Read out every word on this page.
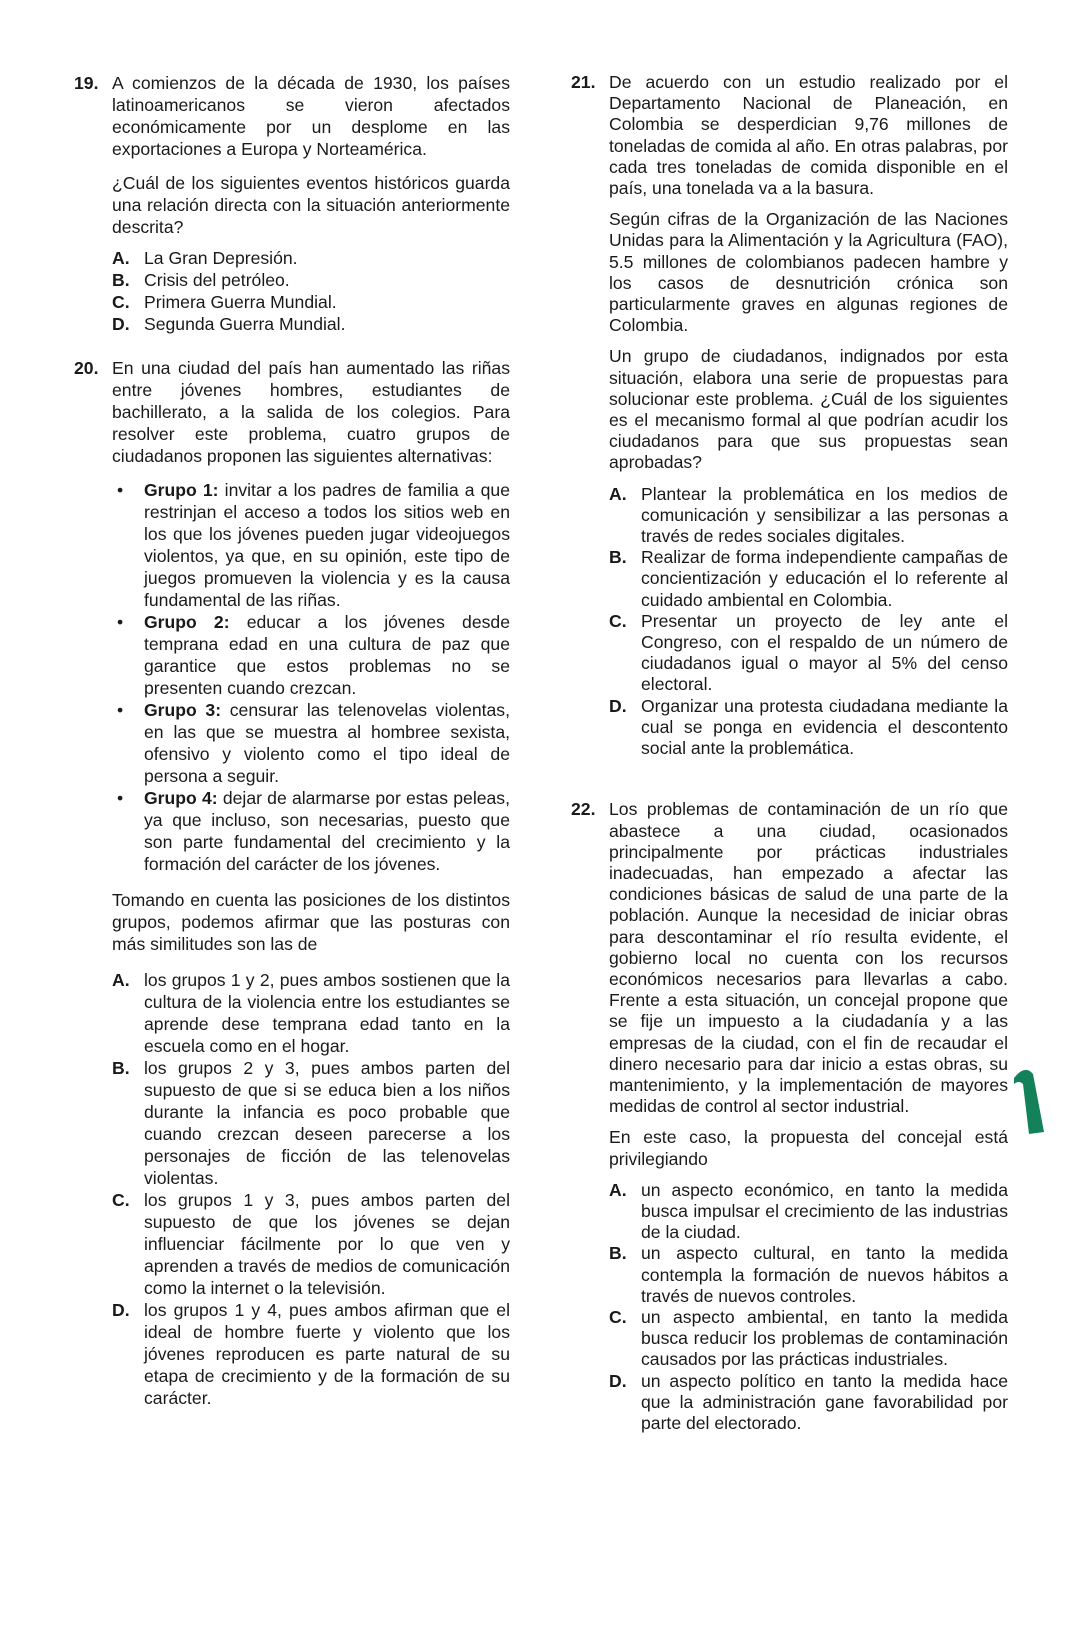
19. A comienzos de la década de 1930, los países latinoamericanos se vieron afectados económicamente por un desplome en las exportaciones a Europa y Norteamérica.

¿Cuál de los siguientes eventos históricos guarda una relación directa con la situación anteriormente descrita?

A. La Gran Depresión.
B. Crisis del petróleo.
C. Primera Guerra Mundial.
D. Segunda Guerra Mundial.
20. En una ciudad del país han aumentado las riñas entre jóvenes hombres, estudiantes de bachillerato, a la salida de los colegios. Para resolver este problema, cuatro grupos de ciudadanos proponen las siguientes alternativas:

• Grupo 1: invitar a los padres de familia a que restrinjan el acceso a todos los sitios web en los que los jóvenes pueden jugar videojuegos violentos, ya que, en su opinión, este tipo de juegos promueven la violencia y es la causa fundamental de las riñas.
• Grupo 2: educar a los jóvenes desde temprana edad en una cultura de paz que garantice que estos problemas no se presenten cuando crezcan.
• Grupo 3: censurar las telenovelas violentas, en las que se muestra al hombree sexista, ofensivo y violento como el tipo ideal de persona a seguir.
• Grupo 4: dejar de alarmarse por estas peleas, ya que incluso, son necesarias, puesto que son parte fundamental del crecimiento y la formación del carácter de los jóvenes.

Tomando en cuenta las posiciones de los distintos grupos, podemos afirmar que las posturas con más similitudes son las de

A. los grupos 1 y 2, pues ambos sostienen que la cultura de la violencia entre los estudiantes se aprende dese temprana edad tanto en la escuela como en el hogar.
B. los grupos 2 y 3, pues ambos parten del supuesto de que si se educa bien a los niños durante la infancia es poco probable que cuando crezcan deseen parecerse a los personajes de ficción de las telenovelas violentas.
C. los grupos 1 y 3, pues ambos parten del supuesto de que los jóvenes se dejan influenciar fácilmente por lo que ven y aprenden a través de medios de comunicación como la internet o la televisión.
D. los grupos 1 y 4, pues ambos afirman que el ideal de hombre fuerte y violento que los jóvenes reproducen es parte natural de su etapa de crecimiento y de la formación de su carácter.
21. De acuerdo con un estudio realizado por el Departamento Nacional de Planeación, en Colombia se desperdician 9,76 millones de toneladas de comida al año. En otras palabras, por cada tres toneladas de comida disponible en el país, una tonelada va a la basura.

Según cifras de la Organización de las Naciones Unidas para la Alimentación y la Agricultura (FAO), 5.5 millones de colombianos padecen hambre y los casos de desnutrición crónica son particularmente graves en algunas regiones de Colombia.

Un grupo de ciudadanos, indignados por esta situación, elabora una serie de propuestas para solucionar este problema. ¿Cuál de los siguientes es el mecanismo formal al que podrían acudir los ciudadanos para que sus propuestas sean aprobadas?

A. Plantear la problemática en los medios de comunicación y sensibilizar a las personas a través de redes sociales digitales.
B. Realizar de forma independiente campañas de concientización y educación el lo referente al cuidado ambiental en Colombia.
C. Presentar un proyecto de ley ante el Congreso, con el respaldo de un número de ciudadanos igual o mayor al 5% del censo electoral.
D. Organizar una protesta ciudadana mediante la cual se ponga en evidencia el descontento social ante la problemática.
22. Los problemas de contaminación de un río que abastece a una ciudad, ocasionados principalmente por prácticas industriales inadecuadas, han empezado a afectar las condiciones básicas de salud de una parte de la población. Aunque la necesidad de iniciar obras para descontaminar el río resulta evidente, el gobierno local no cuenta con los recursos económicos necesarios para llevarlas a cabo. Frente a esta situación, un concejal propone que se fije un impuesto a la ciudadanía y a las empresas de la ciudad, con el fin de recaudar el dinero necesario para dar inicio a estas obras, su mantenimiento, y la implementación de mayores medidas de control al sector industrial.

En este caso, la propuesta del concejal está privilegiando

A. un aspecto económico, en tanto la medida busca impulsar el crecimiento de las industrias de la ciudad.
B. un aspecto cultural, en tanto la medida contempla la formación de nuevos hábitos a través de nuevos controles.
C. un aspecto ambiental, en tanto la medida busca reducir los problemas de contaminación causados por las prácticas industriales.
D. un aspecto político en tanto la medida hace que la administración gane favorabilidad por parte del electorado.
